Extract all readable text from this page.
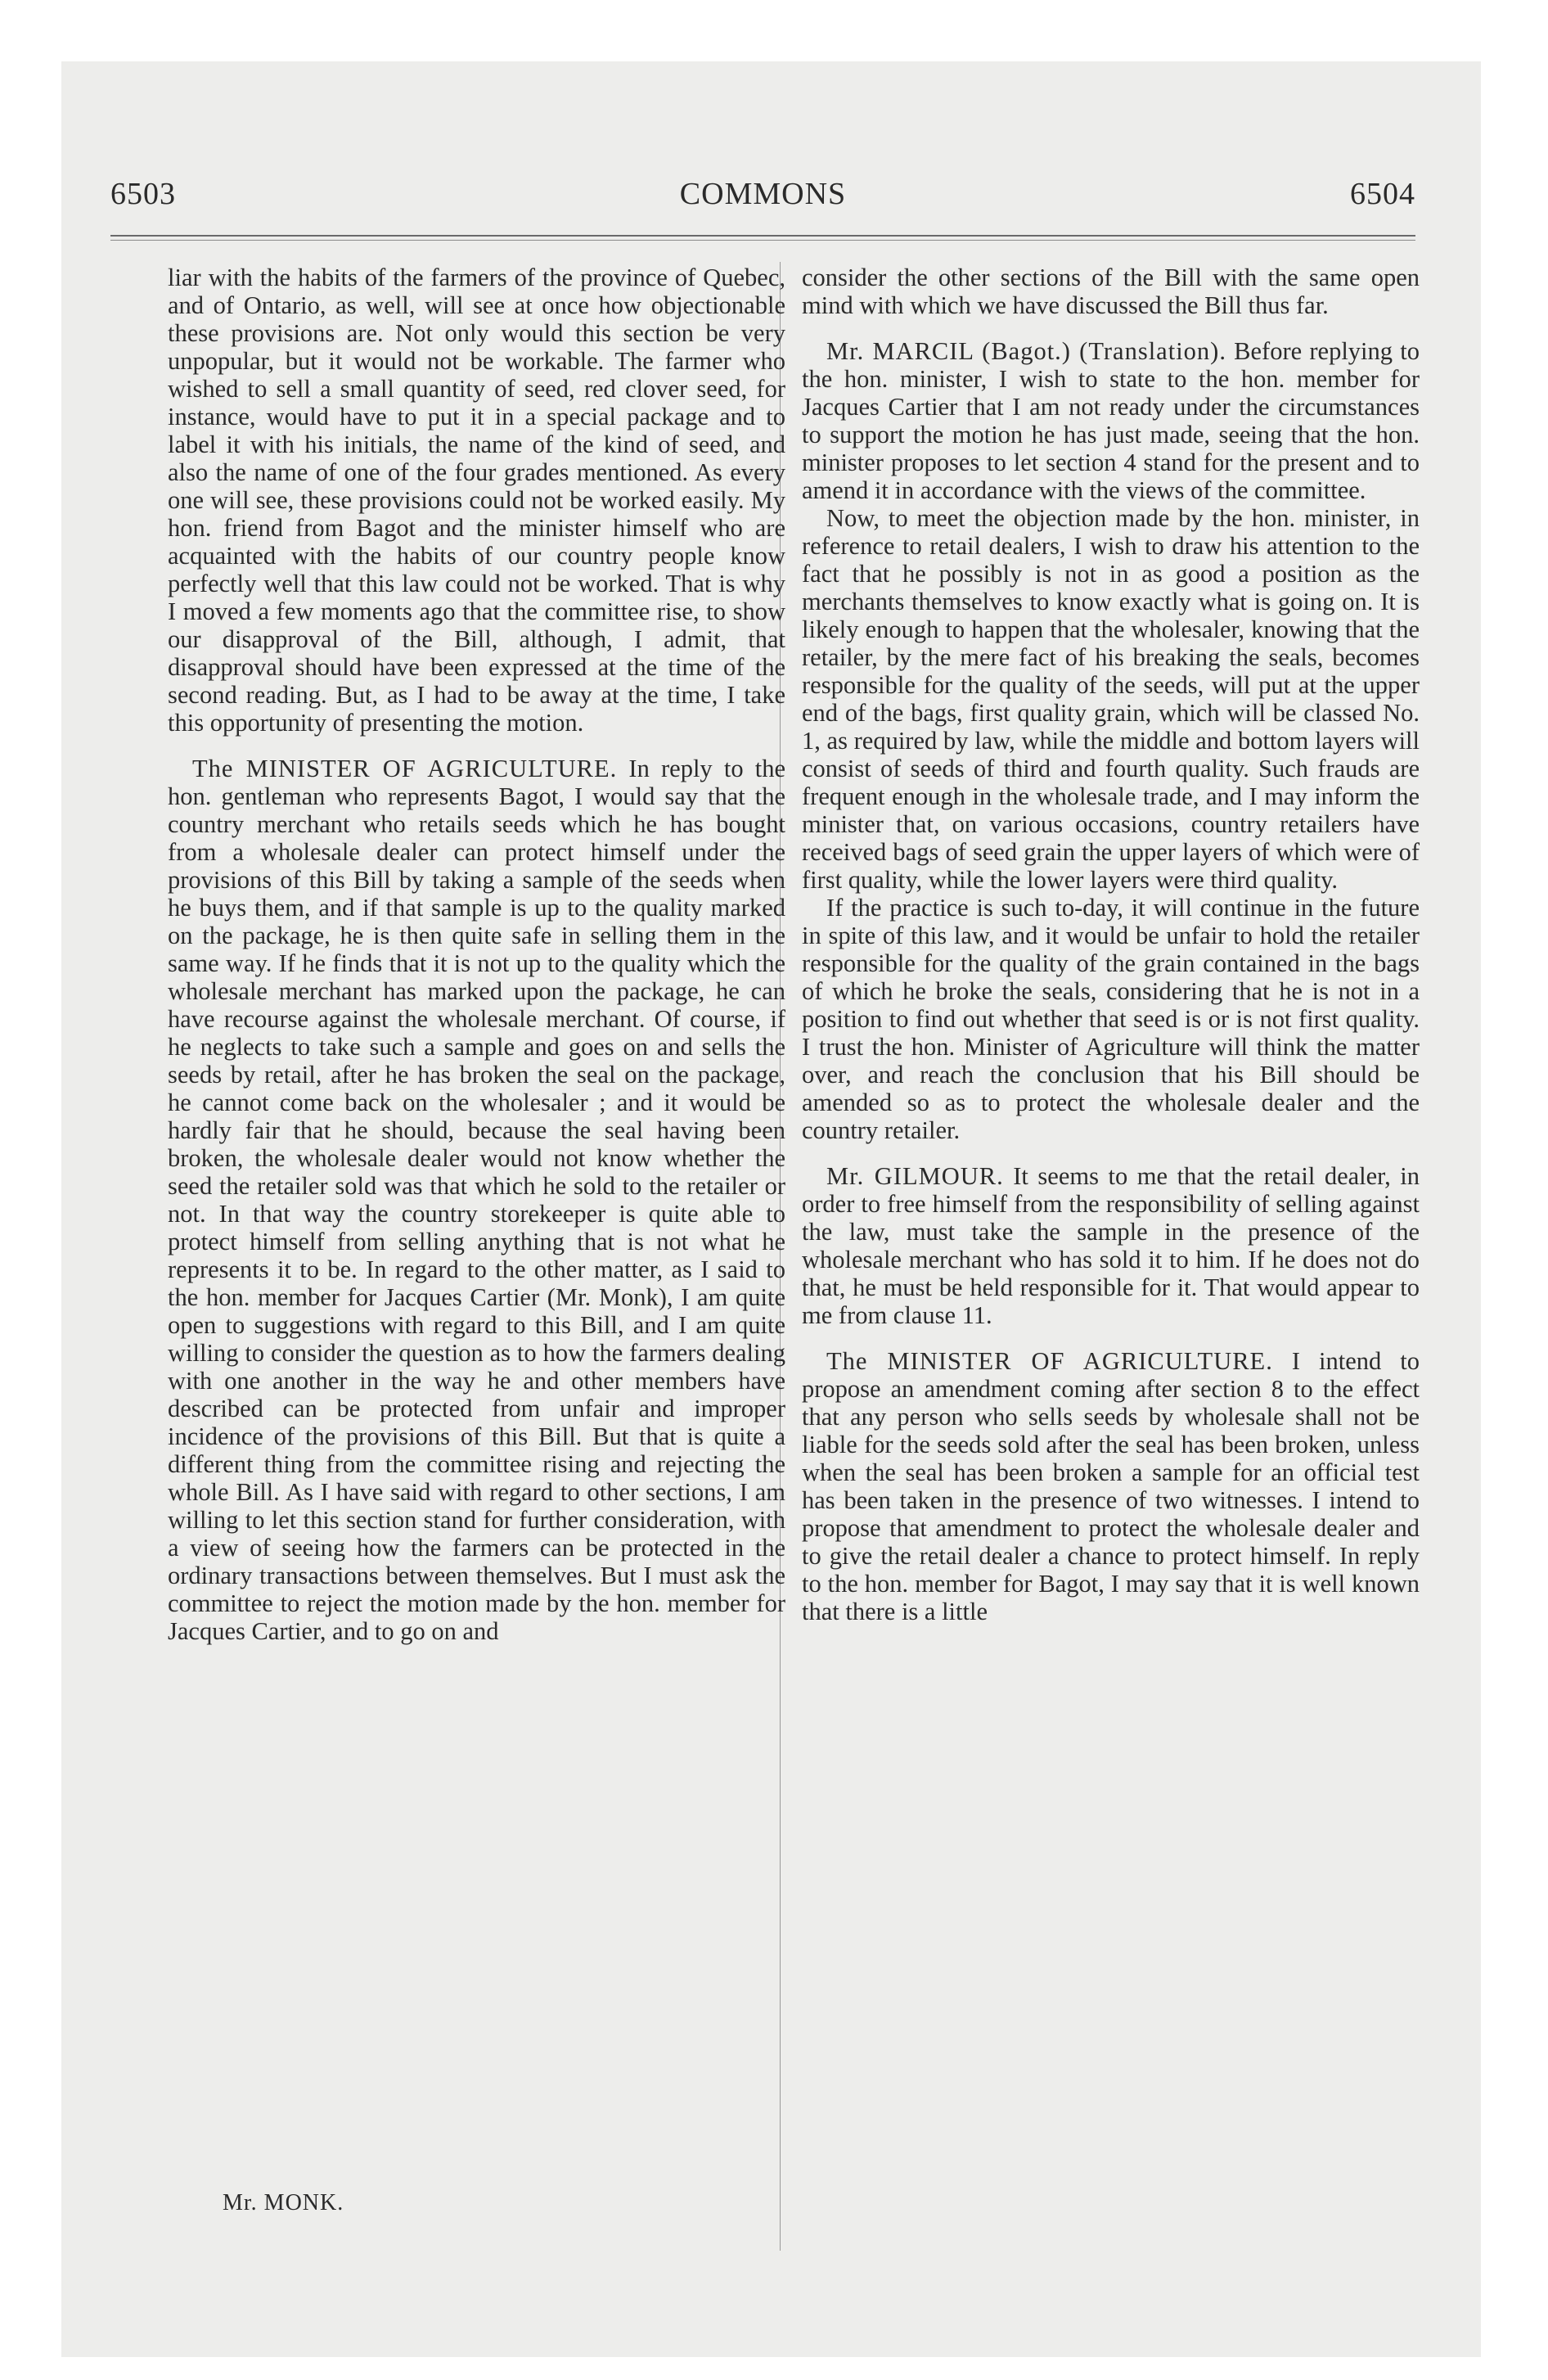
6503	COMMONS	6504

liar with the habits of the farmers of the province of Quebec, and of Ontario, as well, will see at once how objectionable these provisions are. Not only would this section be very unpopular, but it would not be workable. The farmer who wished to sell a small quantity of seed, red clover seed, for instance, would have to put it in a special package and to label it with his initials, the name of the kind of seed, and also the name of one of the four grades mentioned. As every one will see, these provisions could not be worked easily. My hon. friend from Bagot and the minister himself who are acquainted with the habits of our country people know perfectly well that this law could not be worked. That is why I moved a few moments ago that the committee rise, to show our disapproval of the Bill, although, I admit, that disapproval should have been expressed at the time of the second reading. But, as I had to be away at the time, I take this opportunity of presenting the motion.

The MINISTER OF AGRICULTURE. In reply to the hon. gentleman who represents Bagot, I would say that the country merchant who retails seeds which he has bought from a wholesale dealer can protect himself under the provisions of this Bill by taking a sample of the seeds when he buys them, and if that sample is up to the quality marked on the package, he is then quite safe in selling them in the same way. If he finds that it is not up to the quality which the wholesale merchant has marked upon the package, he can have recourse against the wholesale merchant. Of course, if he neglects to take such a sample and goes on and sells the seeds by retail, after he has broken the seal on the package, he cannot come back on the wholesaler ; and it would be hardly fair that he should, because the seal having been broken, the wholesale dealer would not know whether the seed the retailer sold was that which he sold to the retailer or not. In that way the country storekeeper is quite able to protect himself from selling anything that is not what he represents it to be. In regard to the other matter, as I said to the hon. member for Jacques Cartier (Mr. Monk), I am quite open to suggestions with regard to this Bill, and I am quite willing to consider the question as to how the farmers dealing with one another in the way he and other members have described can be protected from unfair and improper incidence of the provisions of this Bill. But that is quite a different thing from the committee rising and rejecting the whole Bill. As I have said with regard to other sections, I am willing to let this section stand for further consideration, with a view of seeing how the farmers can be protected in the ordinary transactions between themselves. But I must ask the committee to reject the motion made by the hon. member for Jacques Cartier, and to go on and

consider the other sections of the Bill with the same open mind with which we have discussed the Bill thus far.

Mr. MARCIL (Bagot.) (Translation). Before replying to the hon. minister, I wish to state to the hon. member for Jacques Cartier that I am not ready under the circumstances to support the motion he has just made, seeing that the hon. minister proposes to let section 4 stand for the present and to amend it in accordance with the views of the committee.

Now, to meet the objection made by the hon. minister, in reference to retail dealers, I wish to draw his attention to the fact that he possibly is not in as good a position as the merchants themselves to know exactly what is going on. It is likely enough to happen that the wholesaler, knowing that the retailer, by the mere fact of his breaking the seals, becomes responsible for the quality of the seeds, will put at the upper end of the bags, first quality grain, which will be classed No. 1, as required by law, while the middle and bottom layers will consist of seeds of third and fourth quality. Such frauds are frequent enough in the wholesale trade, and I may inform the minister that, on various occasions, country retailers have received bags of seed grain the upper layers of which were of first quality, while the lower layers were third quality.

If the practice is such to-day, it will continue in the future in spite of this law, and it would be unfair to hold the retailer responsible for the quality of the grain contained in the bags of which he broke the seals, considering that he is not in a position to find out whether that seed is or is not first quality. I trust the hon. Minister of Agriculture will think the matter over, and reach the conclusion that his Bill should be amended so as to protect the wholesale dealer and the country retailer.

Mr. GILMOUR. It seems to me that the retail dealer, in order to free himself from the responsibility of selling against the law, must take the sample in the presence of the wholesale merchant who has sold it to him. If he does not do that, he must be held responsible for it. That would appear to me from clause 11.

The MINISTER OF AGRICULTURE. I intend to propose an amendment coming after section 8 to the effect that any person who sells seeds by wholesale shall not be liable for the seeds sold after the seal has been broken, unless when the seal has been broken a sample for an official test has been taken in the presence of two witnesses. I intend to propose that amendment to protect the wholesale dealer and to give the retail dealer a chance to protect himself. In reply to the hon. member for Bagot, I may say that it is well known that there is a little

Mr. MONK.
